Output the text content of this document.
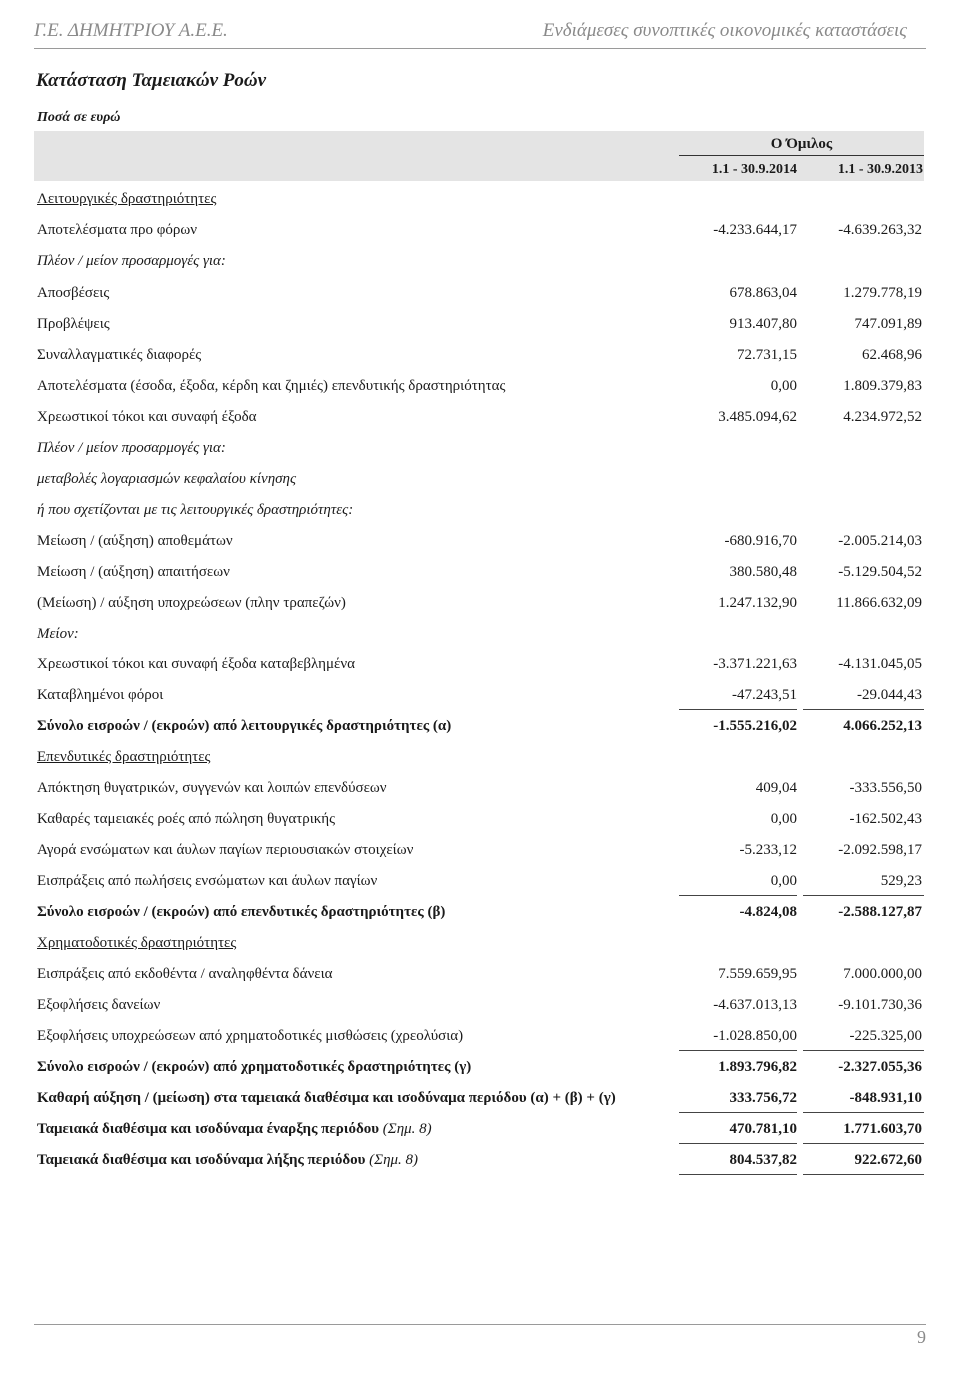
Γ.Ε. ΔΗΜΗΤΡΙΟΥ Α.Ε.Ε.	Ενδιάμεσες συνοπτικές οικονομικές καταστάσεις
Κατάσταση Ταμειακών Ροών
Ποσά σε ευρώ
Ο Όμιλος
1.1 - 30.9.2014	1.1 - 30.9.2013
Λειτουργικές δραστηριότητες
Αποτελέσματα προ φόρων	-4.233.644,17	-4.639.263,32
Πλέον / μείον προσαρμογές για:
Αποσβέσεις	678.863,04	1.279.778,19
Προβλέψεις	913.407,80	747.091,89
Συναλλαγματικές διαφορές	72.731,15	62.468,96
Αποτελέσματα (έσοδα, έξοδα, κέρδη και ζημιές) επενδυτικής δραστηριότητας	0,00	1.809.379,83
Χρεωστικοί τόκοι και συναφή έξοδα	3.485.094,62	4.234.972,52
Πλέον / μείον προσαρμογές για:
μεταβολές λογαριασμών κεφαλαίου κίνησης
ή που σχετίζονται με τις λειτουργικές δραστηριότητες:
Μείωση / (αύξηση) αποθεμάτων	-680.916,70	-2.005.214,03
Μείωση / (αύξηση) απαιτήσεων	380.580,48	-5.129.504,52
(Μείωση) / αύξηση υποχρεώσεων (πλην τραπεζών)	1.247.132,90	11.866.632,09
Μείον:
Χρεωστικοί τόκοι και συναφή έξοδα καταβεβλημένα	-3.371.221,63	-4.131.045,05
Καταβλημένοι φόροι	-47.243,51	-29.044,43
Σύνολο εισροών / (εκροών) από λειτουργικές δραστηριότητες (α)	-1.555.216,02	4.066.252,13
Επενδυτικές δραστηριότητες
Απόκτηση θυγατρικών, συγγενών και λοιπών επενδύσεων	409,04	-333.556,50
Καθαρές ταμειακές ροές από πώληση θυγατρικής	0,00	-162.502,43
Αγορά ενσώματων και άυλων παγίων περιουσιακών στοιχείων	-5.233,12	-2.092.598,17
Εισπράξεις από πωλήσεις ενσώματων και άυλων παγίων	0,00	529,23
Σύνολο εισροών / (εκροών) από επενδυτικές δραστηριότητες (β)	-4.824,08	-2.588.127,87
Χρηματοδοτικές δραστηριότητες
Εισπράξεις από εκδοθέντα / αναληφθέντα δάνεια	7.559.659,95	7.000.000,00
Εξοφλήσεις δανείων	-4.637.013,13	-9.101.730,36
Εξοφλήσεις υποχρεώσεων από χρηματοδοτικές μισθώσεις (χρεολύσια)	-1.028.850,00	-225.325,00
Σύνολο εισροών / (εκροών) από χρηματοδοτικές δραστηριότητες (γ)	1.893.796,82	-2.327.055,36
Καθαρή αύξηση / (μείωση) στα ταμειακά διαθέσιμα και ισοδύναμα περιόδου (α) + (β) + (γ)	333.756,72	-848.931,10
Ταμειακά διαθέσιμα και ισοδύναμα έναρξης περιόδου (Σημ. 8)	470.781,10	1.771.603,70
Ταμειακά διαθέσιμα και ισοδύναμα λήξης περιόδου (Σημ. 8)	804.537,82	922.672,60
9
